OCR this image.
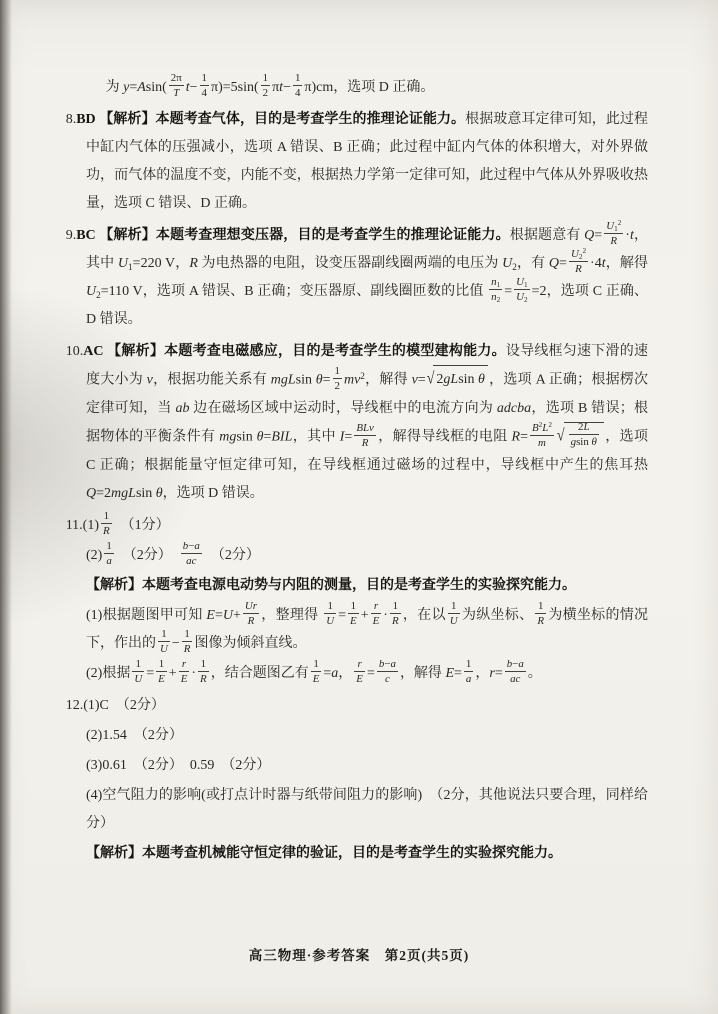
为 $y=Asin( \frac{2\pi}{T} t- \frac{1}{4} \pi)=5\sin( \frac{1}{2} \pi t- \frac{1}{4} \pi)cm$，选项 D 正确。
8.BD 【解析】本题考查气体，目的是考查学生的推理论证能力。根据玻意耳定律可知，此过程中缸内气体的压强减小，选项 A 错误、B 正确；此过程中缸内气体的体积增大，对外界做功，而气体的温度不变，内能不变，根据热力学第一定律可知，此过程中气体从外界吸收热量，选项 C 错误、D 正确。
9.BC 【解析】本题考查理想变压器，目的是考查学生的推理论证能力。根据题意有 $Q= \frac{U_1^2}{R} \cdot t$，其中 $U_1=220$ V，R 为电热器的电阻，设变压器副线圈两端的电压为 $U_2$，有 $Q= \frac{U_2^2}{R} \cdot 4t$，解得 $U_2=110$ V，选项 A 错误、B 正确；变压器原、副线圈匝数的比值 $\frac{n_1}{n_2} = \frac{U_1}{U_2} =2$，选项 C 正确、D 错误。
10.AC 【解析】本题考查电磁感应，目的是考查学生的模型建构能力。设导线框匀速下滑的速度大小为 v，根据功能关系有 mgLsin $\theta= \frac{1}{2} mv^2$，解得 v= √ 2gLsin θ ，选项 A 正确；根据楞次定律可知，当 ab 边在磁场区域中运动时，导线框中的电流方向为 adcba，选项 B 错误；根据物体的平衡条件有 mgsin θ=BIL，其中 $I= \frac{\text{BLv}}{R}$ ，解得导线框的电阻 $R= \frac{B^2L^2}{m}$ √ $\frac{2L}{\text{gsin θ}}$ ，选项 C 正确；根据能量守恒定律可知，在导线框通过磁场的过程中，导线框中产生的焦耳热 Q=2mgLsin θ，选项 D 错误。
$11.(1) \frac{1}{R}$ 　（1分）
$(2) \frac{1}{a}$ 　（2分）　 $\frac{b-a}{ac}$ 　（2分）
【解析】本题考查电源电动势与内阻的测量，目的是考查学生的实验探究能力。
(1)根据题图甲可知 $E=U+ \frac{Ur}{R}$ ，整理得 $\frac{1}{U} = \frac{1}{E} + \frac{r}{E} \cdot \frac{1}{R}$ ，在以 $\frac{1}{U}$ 为纵坐标、 $\frac{1}{R}$ 为横坐标的情况下，作出的 $\frac{1}{U} - \frac{1}{R}$ 图像为倾斜直线。
(2)根据 $\frac{1}{U} = \frac{1}{E} + \frac{r}{E} \cdot \frac{1}{R}$ ，结合题图乙有 $\frac{1}{E} =a$， $\frac{r}{E} = \frac{b-a}{c}$ ，解得 $E= \frac{1}{a}$ ，$r= \frac{b-a}{ac}$ 。
12.(1)C　（2分）
(2)1.54　（2分）
(3)0.61　（2分）　0.59　（2分）
(4)空气阻力的影响(或打点计时器与纸带间阻力的影响)　（2分，其他说法只要合理，同样给分）
【解析】本题考查机械能守恒定律的验证，目的是考查学生的实验探究能力。
高三物理·参考答案　第2页(共5页)
